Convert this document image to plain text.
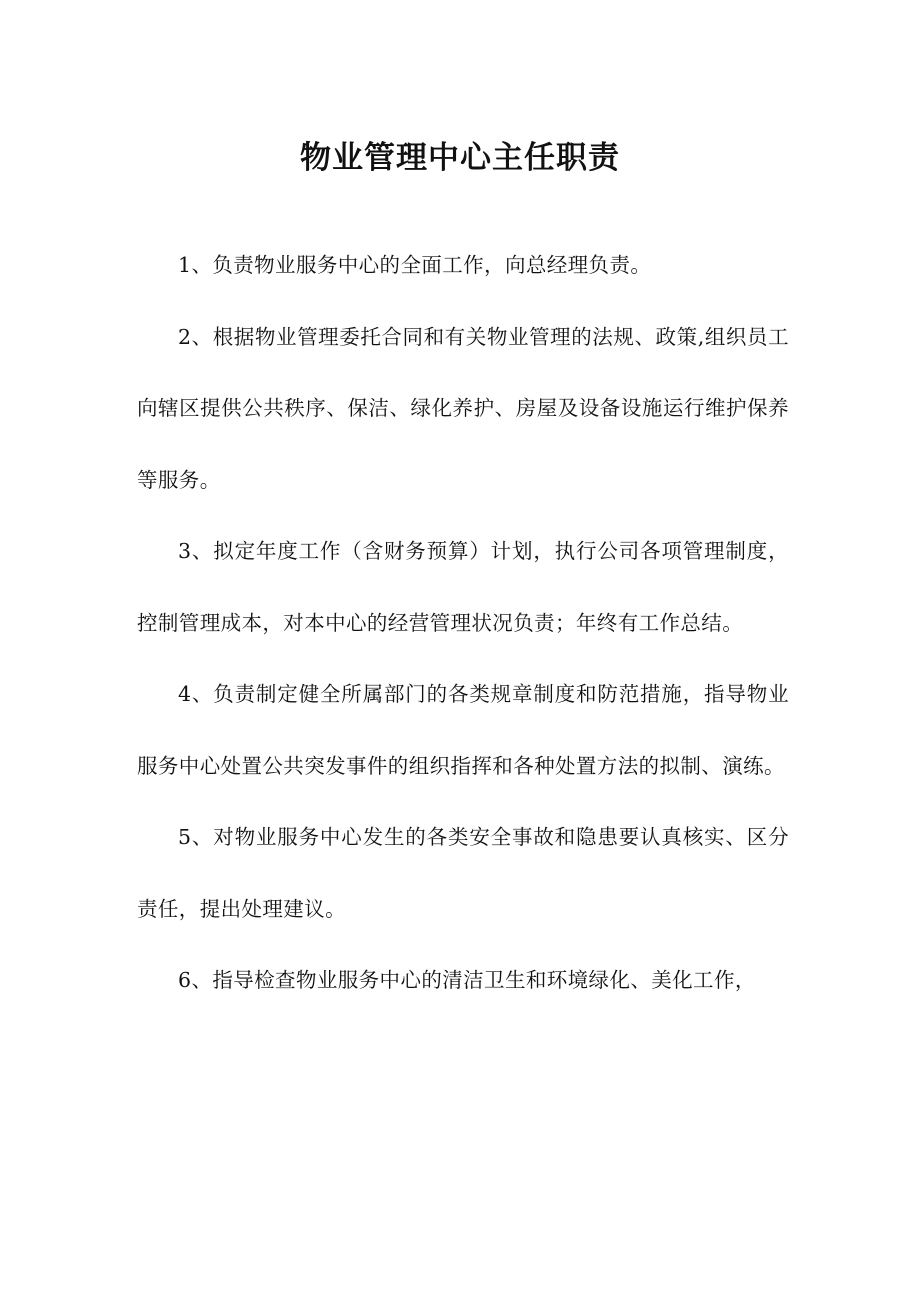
物业管理中心主任职责

1、负责物业服务中心的全面工作，向总经理负责。

2、根据物业管理委托合同和有关物业管理的法规、政策,组织员工向辖区提供公共秩序、保洁、绿化养护、房屋及设备设施运行维护保养等服务。

3、拟定年度工作（含财务预算）计划，执行公司各项管理制度，控制管理成本，对本中心的经营管理状况负责；年终有工作总结。

4、负责制定健全所属部门的各类规章制度和防范措施，指导物业服务中心处置公共突发事件的组织指挥和各种处置方法的拟制、演练。

5、对物业服务中心发生的各类安全事故和隐患要认真核实、区分责任，提出处理建议。

6、指导检查物业服务中心的清洁卫生和环境绿化、美化工作，
